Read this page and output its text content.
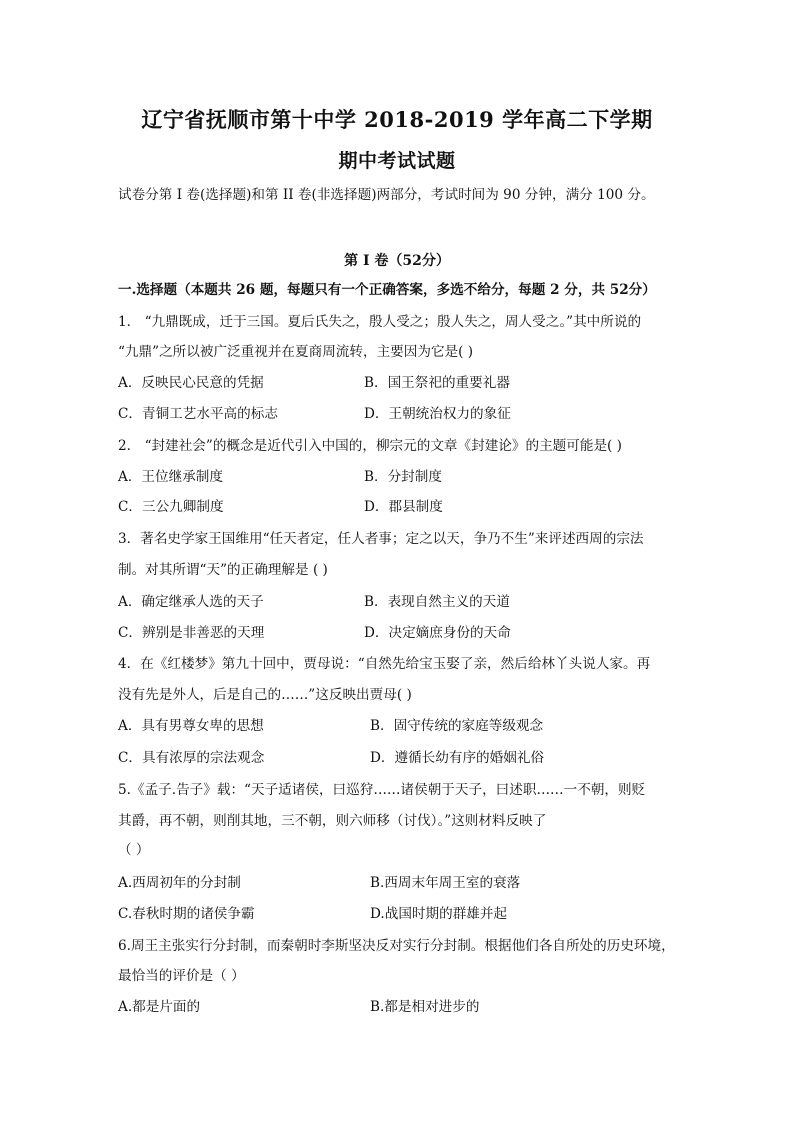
辽宁省抚顺市第十中学 2018-2019 学年高二下学期
期中考试试题
试卷分第 I 卷(选择题)和第 II 卷(非选择题)两部分，考试时间为 90 分钟，满分 100 分。
第 I 卷（52分）
一.选择题（本题共 26 题，每题只有一个正确答案，多选不给分，每题 2 分，共 52分）
1． “九鼎既成，迁于三国。夏后氏失之，殷人受之；殷人失之，周人受之。”其中所说的
“九鼎”之所以被广泛重视并在夏商周流转，主要因为它是( )
A．反映民心民意的凭据	B．国王祭祀的重要礼器
C．青铜工艺水平高的标志	D．王朝统治权力的象征
2． “封建社会”的概念是近代引入中国的，柳宗元的文章《封建论》的主题可能是( )
A．王位继承制度	B．分封制度
C．三公九卿制度	D．郡县制度
3．著名史学家王国维用“任天者定，任人者事；定之以天，争乃不生”来评述西周的宗法
制。对其所谓“天”的正确理解是 ( )
A．确定继承人选的天子	B．表现自然主义的天道
C．辨别是非善恶的天理	D．决定嫡庶身份的天命
4．在《红楼梦》第九十回中，贾母说：“自然先给宝玉娶了亲，然后给林丫头说人家。再
没有先是外人，后是自己的……”这反映出贾母( )
A．具有男尊女卑的思想	B．固守传统的家庭等级观念
C．具有浓厚的宗法观念	D．遵循长幼有序的婚姻礼俗
5.《孟子.告子》载：“天子适诸侯，曰巡狩……诸侯朝于天子，曰述职……一不朝，则贬
其爵，再不朝，则削其地，三不朝，则六师移（讨伐）。”这则材料反映了
（ ）
A.西周初年的分封制	B.西周末年周王室的衰落
C.春秋时期的诸侯争霸	D.战国时期的群雄并起
6.周王主张实行分封制，而秦朝时李斯坚决反对实行分封制。根据他们各自所处的历史环境，
最恰当的评价是（ ）
A.都是片面的	B.都是相对进步的
